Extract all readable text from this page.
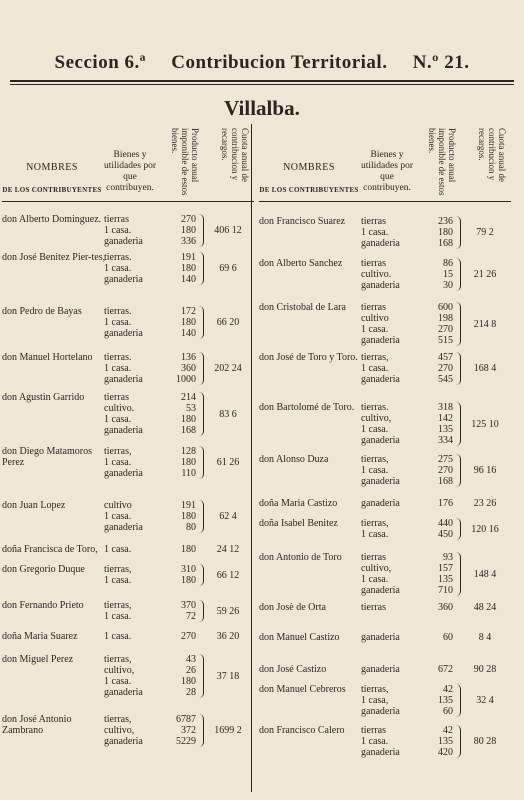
Seccion 6.ª Contribucion Territorial. N.º 21.
Villalba.
NOMBRES
DE LOS CONTRIBUYENTES
Bienes y utilidades por que contribuyen.
Producto anual imponible de estos bienes.	Cuota anual de contribucion y recargos.
don Alberto Dominguez. tierras	270
1 casa.	180
ganaderia	336
406 12
don José Benitez Pier-tes,
tierras.	191
1 casa.	180
ganaderia	140
69 6
don Pedro de Bayas	tierras.	172
1 casa.	180
ganaderia	140
66 20
don Manuel Hortelano	tierras.	136
1 casa.	360
ganaderia	1000
202 24
don Agustin Garrido	tierras	214
cultivo.	53
1 casa.	180
ganaderia	168
83 6
don Diego Matamoros Perez
tierras,	128
1 casa.	180
ganaderia	110
61 26
don Juan Lopez	cultivo	191
1 casa.	180
ganaderia	80
62 4
doña Francisca de Toro, 1 casa.	180	24 12
don Gregorio Duque	tierras,	310
1 casa.	180	66 12
don Fernando Prieto	tierras,	370
1 casa.	72	59 26
doña Maria Suarez	1 casa.	270	36 20
don Miguel Perez	tierras,	43
cultivo,	26
1 casa.	180
ganaderia	28
37 18
don José Antonio Zambrano
tierras,	6787
cultivo,	372
ganaderia	5229
1699 2
NOMBRES
DE LOS CONTRIBUYENTES
Bienes y utilidades por que contribuyen.
Producto anual imponible de estos bienes.	Cuota anual de contribucion y recargos.
don Francisco Suarez	tierras	236
1 casa.	180
ganaderia	168
79 2
don Alberto Sanchez	tierras	86
cultivo.	15
ganaderia	30
21 26
don Cristobal de Lara	tierras	600
cultivo	198
1 casa.	270
ganaderia	515
214 8
don José de Toro y Toro. tierras,	457
1 casa.	270
ganaderia	545
168 4
don Bartolomé de Toro. tierras.	318
cultivo,	142
1 casa.	135
ganaderia	334
125 10
don Alonso Duza	tierras,	275
1 casa.	270
ganaderia	168
96 16
doña Maria Castizo	ganaderia	176	23 26
doña Isabel Benitez	tierras,	440
1 casa.	450	120 16
don Antonio de Toro	tierras	93
cultivo,	157
1 casa.	135
ganaderia	710
148 4
don Josè de Orta	tierras	360	48 24
don Manuel Castizo	ganaderia	60	8 4
don José Castizo	ganaderia	672	90 28
don Manuel Cebreros	tierras,	42
1 casa,	135
ganaderia	60
32 4
don Francisco Calero	tierras	42
1 casa.	135
ganaderia	420
80 28
